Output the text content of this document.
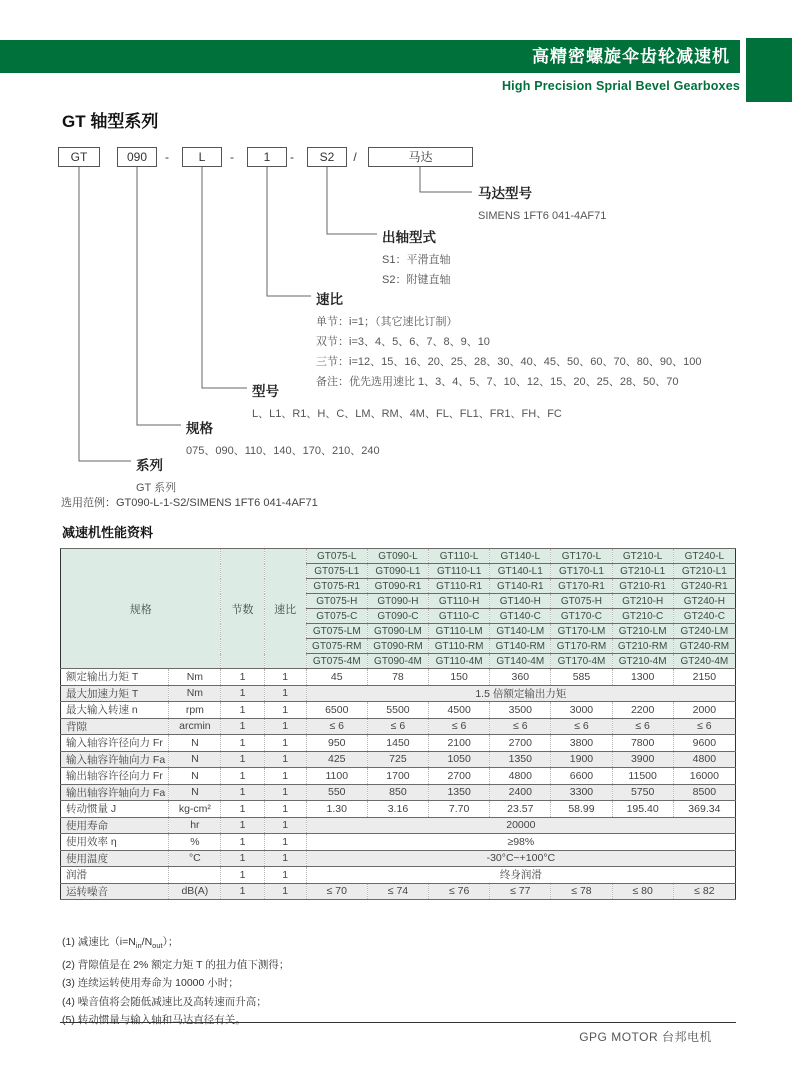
高精密螺旋伞齿轮减速机
High Precision Sprial Bevel Gearboxes
GT 轴型系列
GT	090	L	1	S2	马达
-	-	-	/
马达型号
SIMENS 1FT6 041-4AF71
出轴型式
S1：平滑直轴
S2：附键直轴
速比
单节：i=1；（其它速比订制）
双节：i=3、4、5、6、7、8、9、10
三节：i=12、15、16、20、25、28、30、40、45、50、60、70、80、90、100
备注：优先选用速比 1、3、4、5、7、10、12、15、20、25、28、50、70
型号
L、L1、R1、H、C、LM、RM、4M、FL、FL1、FR1、FH、FC
规格
075、090、110、140、170、210、240
系列
GT 系列
选用范例：GT090-L-1-S2/SIMENS 1FT6 041-4AF71
减速机性能资料
规格		节数	速比	GT075-L	GT090-L	GT110-L	GT140-L	GT170-L	GT210-L	GT240-L
				GT075-L1	GT090-L1	GT110-L1	GT140-L1	GT170-L1	GT210-L1	GT210-L1
				GT075-R1	GT090-R1	GT110-R1	GT140-R1	GT170-R1	GT210-R1	GT240-R1
				GT075-H	GT090-H	GT110-H	GT140-H	GT075-H	GT210-H	GT240-H
				GT075-C	GT090-C	GT110-C	GT140-C	GT170-C	GT210-C	GT240-C
				GT075-LM	GT090-LM	GT110-LM	GT140-LM	GT170-LM	GT210-LM	GT240-LM
				GT075-RM	GT090-RM	GT110-RM	GT140-RM	GT170-RM	GT210-RM	GT240-RM
				GT075-4M	GT090-4M	GT110-4M	GT140-4M	GT170-4M	GT210-4M	GT240-4M
额定输出力矩 T	Nm	1	1	45	78	150	360	585	1300	2150
最大加速力矩 T	Nm	1	1	1.5 倍额定输出力矩						
最大输入转速 n	rpm	1	1	6500	5500	4500	3500	3000	2200	2000
背隙	arcmin	1	1	≤ 6	≤ 6	≤ 6	≤ 6	≤ 6	≤ 6	≤ 6
输入轴容许径向力 Fr	N	1	1	950	1450	2100	2700	3800	7800	9600
输入轴容许轴向力 Fa	N	1	1	425	725	1050	1350	1900	3900	4800
输出轴容许径向力 Fr	N	1	1	1100	1700	2700	4800	6600	11500	16000
输出轴容许轴向力 Fa	N	1	1	550	850	1350	2400	3300	5750	8500
转动惯量 J	kg-cm²	1	1	1.30	3.16	7.70	23.57	58.99	195.40	369.34
使用寿命	hr	1	1	20000						
使用效率 η	%	1	1	≥98%						
使用温度	°C	1	1	-30°C~+100°C						
润滑		1	1	终身润滑						
运转噪音	dB(A)	1	1	≤ 70	≤ 74	≤ 76	≤ 77	≤ 78	≤ 80	≤ 82
(1) 减速比$(i=N_{in}/N_{out})$；
(2) 背隙值是在 2% 额定力矩 T 的扭力值下测得；
(3) 连续运转使用寿命为 10000 小时；
(4) 噪音值将会随低减速比及高转速而升高；
(5) 转动惯量与输入轴和马达直径有关。
GPG MOTOR 台邦电机
